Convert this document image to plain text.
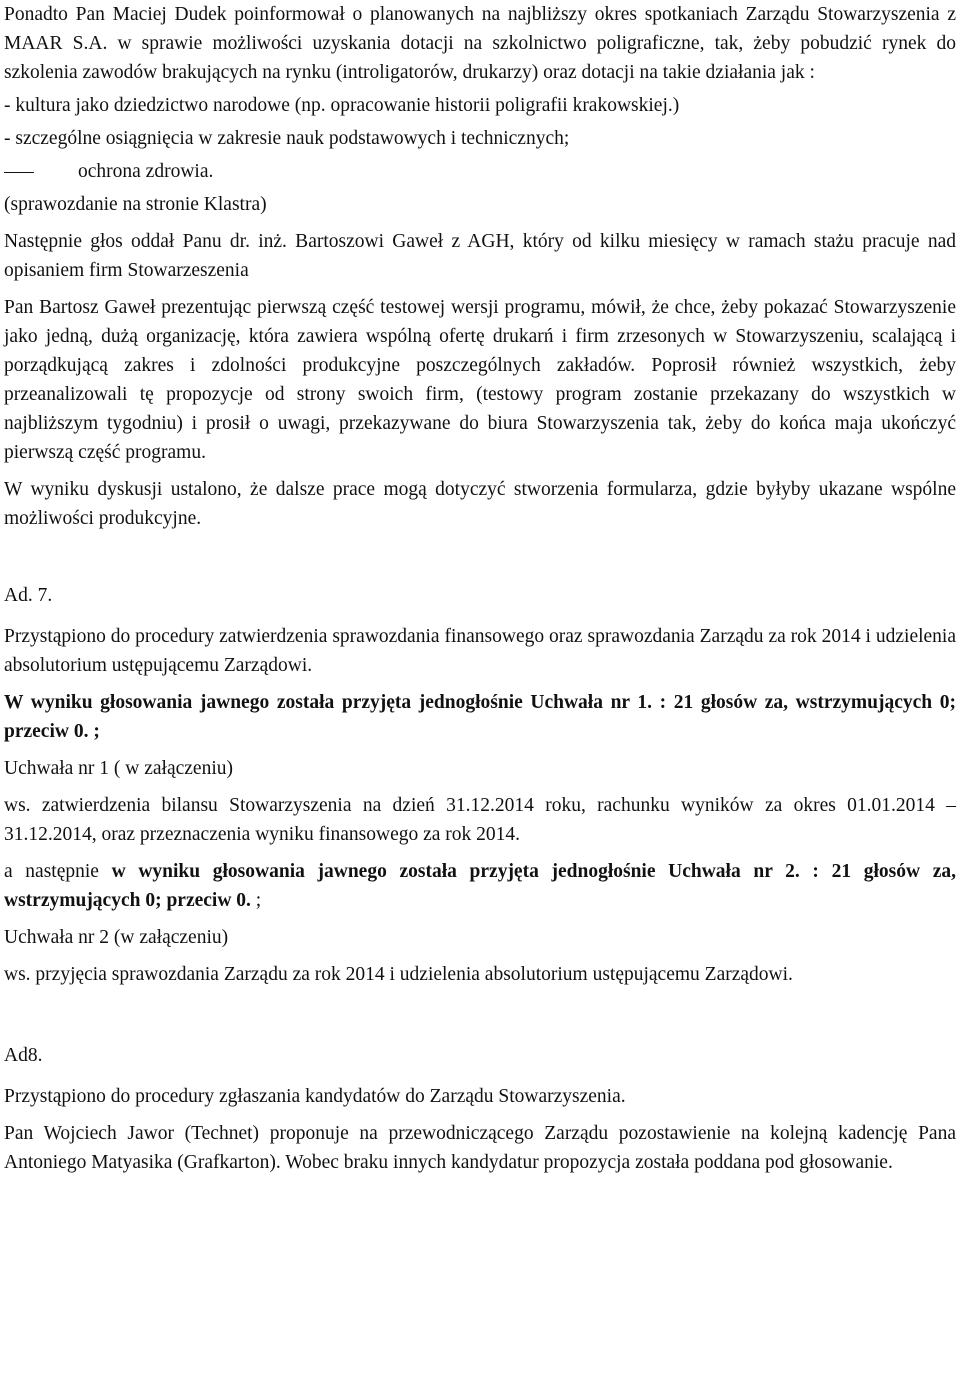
Ponadto Pan Maciej Dudek poinformował o planowanych na najbliższy okres spotkaniach Zarządu Stowarzyszenia z MAAR S.A. w sprawie możliwości uzyskania dotacji na szkolnictwo poligraficzne, tak, żeby pobudzić rynek do szkolenia zawodów brakujących na rynku (introligatorów, drukarzy) oraz dotacji na takie działania jak :

- kultura jako dziedzictwo narodowe (np. opracowanie historii poligrafii krakowskiej.)

- szczególne osiągnięcia w zakresie nauk podstawowych i technicznych;

ochrona zdrowia.

(sprawozdanie na stronie Klastra)

Następnie głos oddał Panu dr. inż. Bartoszowi Gaweł z AGH, który od kilku miesięcy w ramach stażu pracuje nad opisaniem firm Stowarzeszenia

Pan Bartosz Gaweł prezentując pierwszą część testowej wersji programu, mówił, że chce, żeby pokazać Stowarzyszenie jako jedną, dużą organizację, która zawiera wspólną ofertę drukarń i firm zrzesonych w Stowarzyszeniu, scalającą i porządkującą zakres i zdolności produkcyjne poszczególnych zakładów. Poprosił również wszystkich, żeby przeanalizowali tę propozycje od strony swoich firm, (testowy program zostanie przekazany do wszystkich w najbliższym tygodniu) i prosił o uwagi, przekazywane do biura Stowarzyszenia tak, żeby do końca maja ukończyć pierwszą część programu.

W wyniku dyskusji ustalono, że dalsze prace mogą dotyczyć stworzenia formularza, gdzie byłyby ukazane wspólne możliwości produkcyjne.

Ad. 7.

Przystąpiono do procedury zatwierdzenia sprawozdania finansowego oraz sprawozdania Zarządu za rok 2014 i udzielenia absolutorium ustępującemu Zarządowi.

W wyniku głosowania jawnego została przyjęta jednogłośnie Uchwała nr 1. : 21 głosów za, wstrzymujących 0; przeciw 0. ;

Uchwała nr 1 ( w załączeniu)

ws. zatwierdzenia bilansu Stowarzyszenia na dzień 31.12.2014 roku, rachunku wyników za okres 01.01.2014 – 31.12.2014, oraz przeznaczenia wyniku finansowego za rok 2014.

a następnie w wyniku głosowania jawnego została przyjęta jednogłośnie Uchwała nr 2. : 21 głosów za, wstrzymujących 0; przeciw 0. ;

Uchwała nr 2 (w załączeniu)

ws. przyjęcia sprawozdania Zarządu za rok 2014 i udzielenia absolutorium ustępującemu Zarządowi.

Ad8.

Przystąpiono do procedury zgłaszania kandydatów do Zarządu Stowarzyszenia.

Pan Wojciech Jawor (Technet) proponuje na przewodniczącego Zarządu pozostawienie na kolejną kadencję Pana Antoniego Matyasika (Grafkarton). Wobec braku innych kandydatur propozycja została poddana pod głosowanie.
